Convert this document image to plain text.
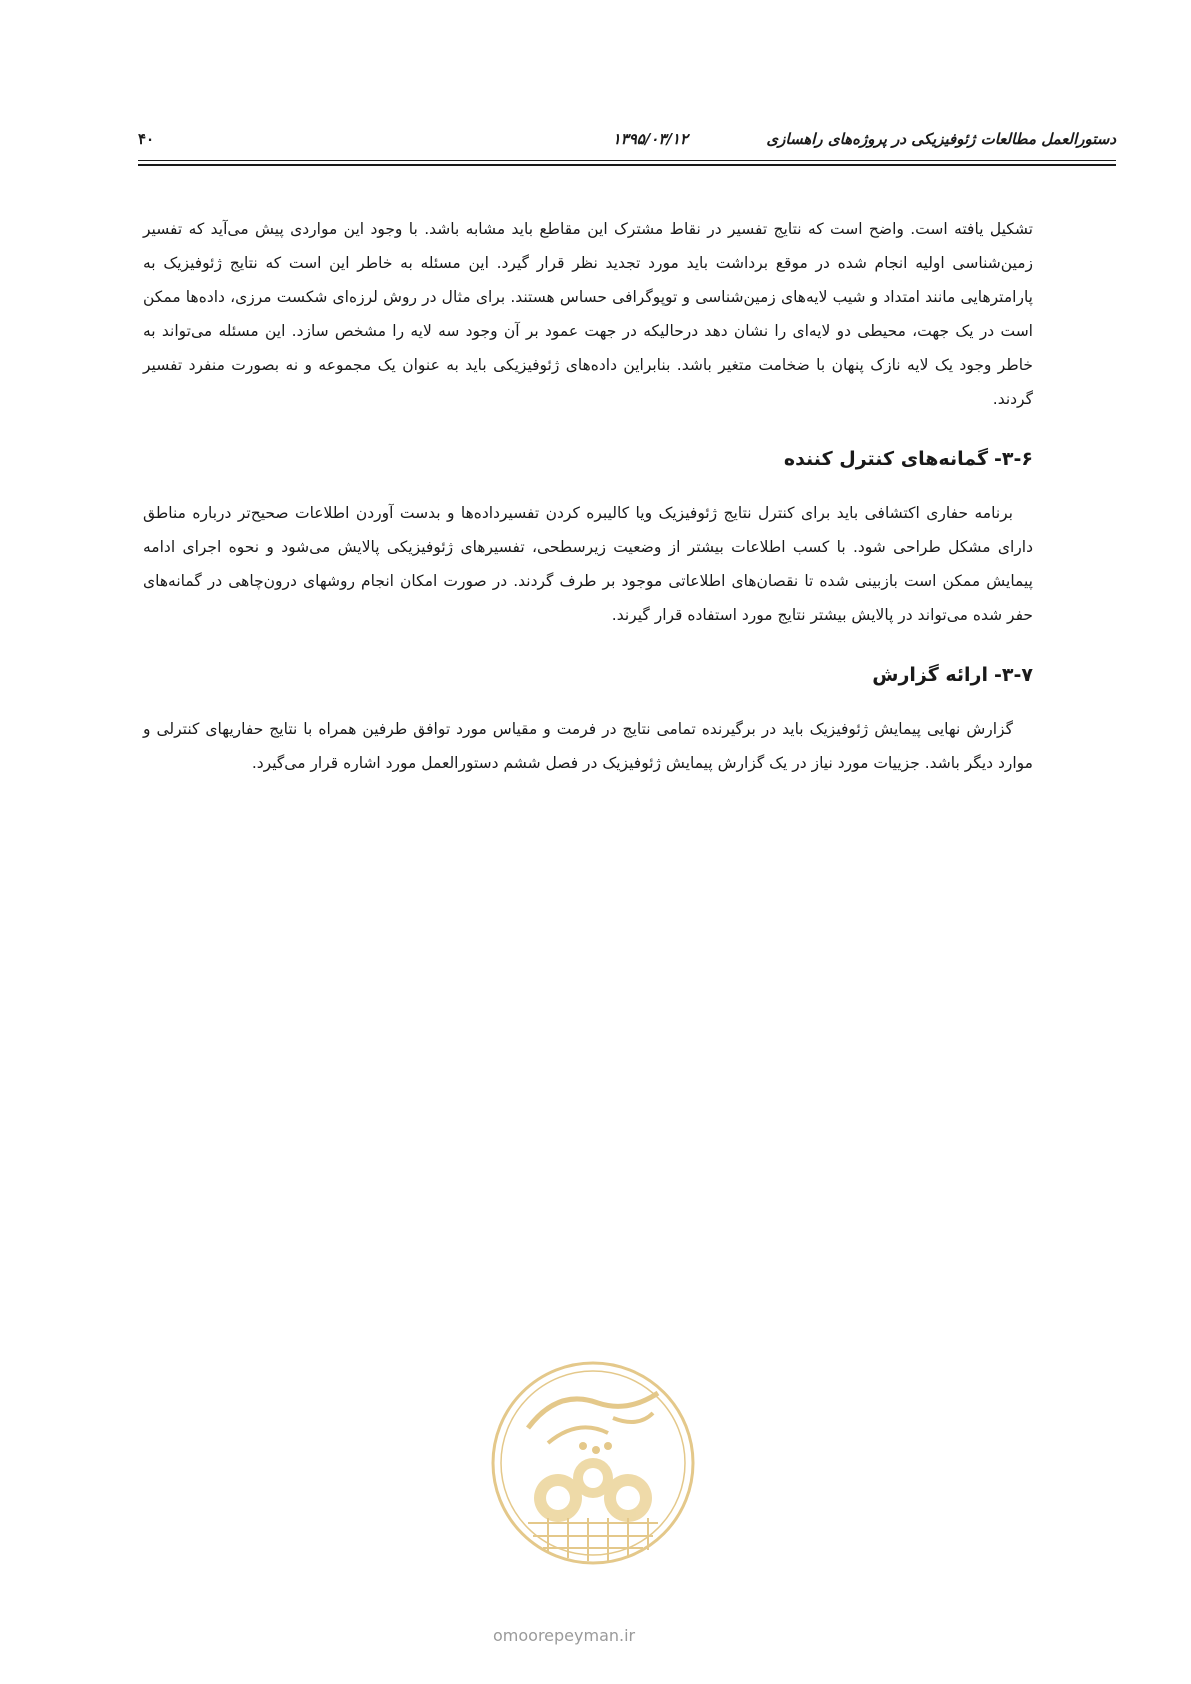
دستورالعمل مطالعات ژئوفیزیکی در پروژه‌های راهسازی
۱۳۹۵/۰۳/۱۲
۴۰

تشکیل یافته است. واضح است که نتایج تفسیر در نقاط مشترک این مقاطع باید مشابه باشد. با وجود این مواردی پیش می‌آید که تفسیر زمین‌شناسی اولیه انجام شده در موقع برداشت باید مورد تجدید نظر قرار گیرد. این مسئله به خاطر این است که نتایج ژئوفیزیک به پارامترهایی مانند امتداد و شیب لایه‌های زمین‌شناسی و توپوگرافی حساس هستند. برای مثال در روش لرزه‌ای شکست مرزی، داده‌ها ممکن است در یک جهت، محیطی دو لایه‌ای را نشان دهد درحالیکه در جهت عمود بر آن وجود سه لایه را مشخص سازد. این مسئله می‌تواند به خاطر وجود یک لایه نازک پنهان با ضخامت متغیر باشد. بنابراین داده‌های ژئوفیزیکی باید به عنوان یک مجموعه و نه بصورت منفرد تفسیر گردند.

۳-۶-گمانه‌های کنترل کننده

برنامه حفاری اکتشافی باید برای کنترل نتایج ژئوفیزیک ویا کالیبره کردن تفسیرداده‌ها و بدست آوردن اطلاعات صحیح‌تر درباره مناطق دارای مشکل طراحی شود. با کسب اطلاعات بیشتر از وضعیت زیرسطحی، تفسیرهای ژئوفیزیکی پالایش می‌شود و نحوه اجرای ادامه پیمایش ممکن است بازبینی شده تا نقصان‌های اطلاعاتی موجود بر طرف گردند. در صورت امکان انجام روشهای درون‌چاهی در گمانه‌های حفر شده می‌تواند در پالایش بیشتر نتایج مورد استفاده قرار گیرند.

۳-۷-ارائه گزارش

گزارش نهایی پیمایش ژئوفیزیک باید در برگیرنده تمامی نتایج در فرمت و مقیاس مورد توافق طرفین همراه با نتایج حفاریهای کنترلی و موارد دیگر باشد. جزییات مورد نیاز در یک گزارش پیمایش ژئوفیزیک در فصل ششم دستورالعمل مورد اشاره قرار می‌گیرد.

omoorepeyman.ir
